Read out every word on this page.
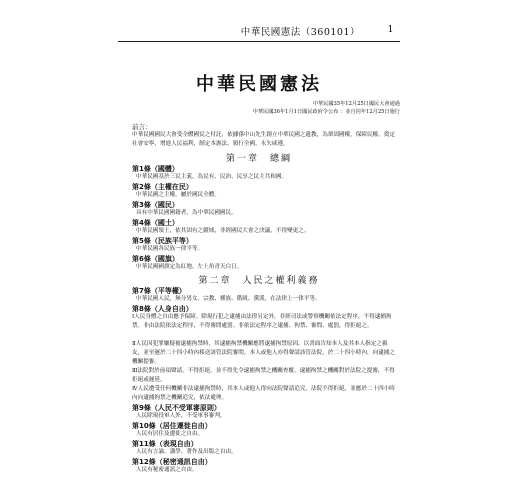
中華民國憲法（360101）	1
中華民國憲法
中華民國35年12月25日國民大會通過
中華民國36年1月1日國民政府令公布 ：並自同年12月25日施行
前言：
中華民國國民大會受全體國民之付託，依據孫中山先生創立中華民國之遺教，為鞏固國權，保障民權，奠定社會安寧，增進人民福利，制定本憲法，頒行全國，永矢咸遵。
第一章　總綱
第1條（國體）
中華民國基於三民主義，為民有、民治、民享之民主共和國。
第2條（主權在民）
中華民國之主權，屬於國民全體。
第3條（國民）
具有中華民國國籍者，為中華民國國民。
第4條（國土）
中華民國領土，依其固有之疆域，非經國民大會之決議，不得變更之。
第5條（民族平等）
中華民國各民族一律平等。
第6條（國旗）
中華民國國旗定為紅地，左上角青天白日。
第二章　人民之權利義務
第7條（平等權）
中華民國人民，無分男女、宗教、種族、階級、黨派，在法律上一律平等。
第8條（人身自由）
Ⅰ人民身體之自由應予保障。除現行犯之逮捕由法律另定外，非經司法或警察機關依法定程序，不得逮捕拘禁。非由法院依法定程序，不得審問處罰。非依法定程序之逮捕、拘禁、審問、處罰，得拒絕之。
Ⅱ人民因犯罪嫌疑被逮捕拘禁時，其逮捕拘禁機關應將逮捕拘禁原因，以書面告知本人及其本人指定之親友，並至遲於二十四小時內移送該管法院審問。本人或他人亦得聲請該管法院，於二十四小時內，向逮捕之機關提審。
Ⅲ法院對於前項聲請，不得拒絕，並不得先令逮捕拘禁之機關查覆。逮捕拘禁之機關對於法院之提審，不得拒絕或遲延。
Ⅳ人民遭受任何機關非法逮捕拘禁時，其本人或他人得向法院聲請追究，法院不得拒絕，並應於二十四小時內向逮捕拘禁之機關追究，依法處理。
第9條（人民不受軍審原則）
人民除現役軍人外，不受軍事審判。
第10條（居住遷徙自由）
人民有居住及遷徙之自由。
第11條（表現自由）
人民有言論、講學、著作及出版之自由。
第12條（秘密通訊自由）
人民有秘密通訊之自由。
